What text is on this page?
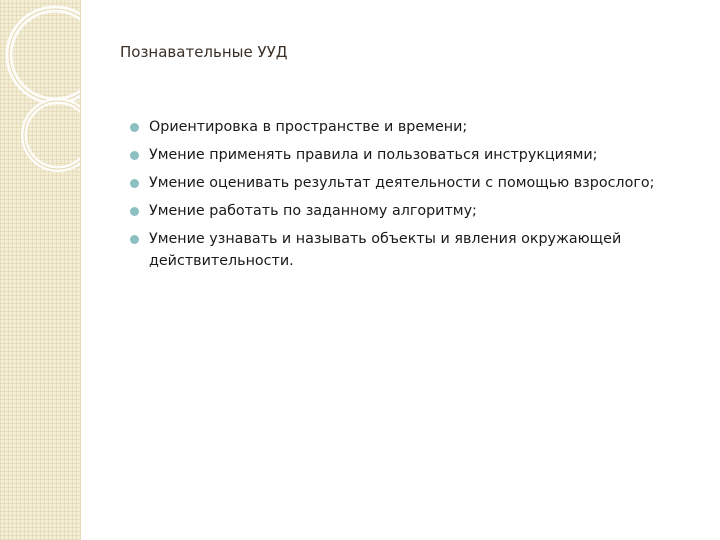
Познавательные УУД
Ориентировка в пространстве и времени;
Умение применять правила и пользоваться инструкциями;
Умение оценивать результат деятельности с помощью взрослого;
Умение работать по заданному алгоритму;
Умение узнавать и называть объекты и явления окружающей действительности.
